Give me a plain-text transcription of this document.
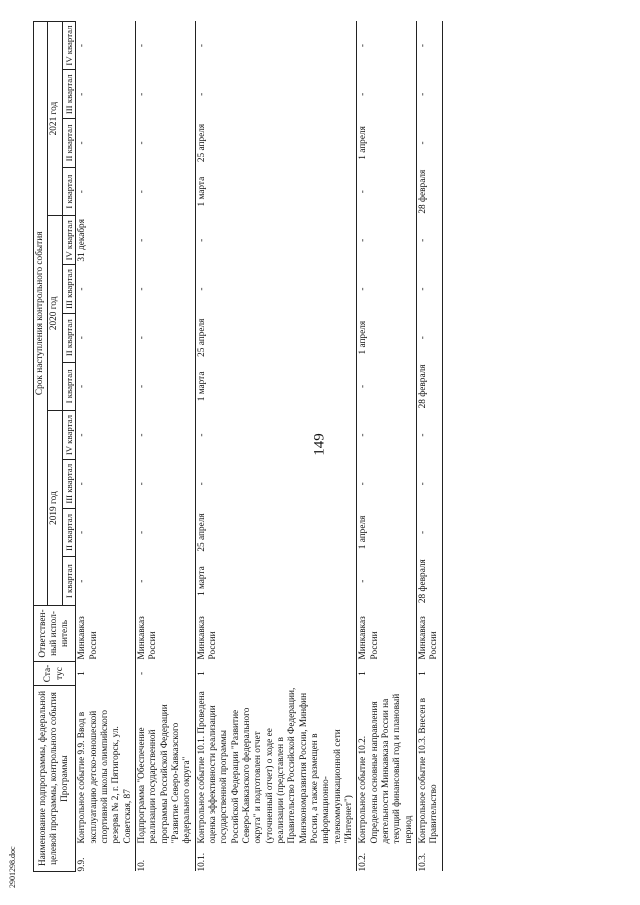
149
2901298.doc
Наименование подпрограммы, федеральной целевой программы, контрольного события Программы		Ста-тус	Ответствен-ный испол-нитель	Срок наступления контрольного события											
				2019 год				2020 год				2021 год			
				I квартал	II квартал	III квартал	IV квартал	I квартал	II квартал	III квартал	IV квартал	I квартал	II квартал	III квартал	IV квартал
9.9.	Контрольное событие 9.9. Ввод в эксплуатацию детско-юношеской спортивной школы олимпийского резерва № 2, г. Пятигорск, ул. Советская, 87	1	Минкавказ России	-	-	-	-	-	-	-	31 декабря	-	-	-	-
10.	Подпрограмма "Обеспечение реализации государственной программы Российской Федерации "Развитие Северо-Кавказского федерального округа"	-	Минкавказ России	-	-	-	-	-	-	-	-	-	-	-	-
10.1.	Контрольное событие 10.1. Проведена оценка эффективности реализации государственной программы Российской Федерации "Развитие Северо-Кавказского федерального округа" и подготовлен отчет (уточненный отчет) о ходе ее реализации (представлен в Правительство Российской Федерации, Минэкономразвития России, Минфин России, а также размещен в информационно-телекоммуникационной сети "Интернет")	1	Минкавказ России	1 марта	25 апреля	-	-	1 марта	25 апреля	-	-	1 марта	25 апреля	-	-
10.2.	Контрольное событие 10.2. Определены основные направления деятельности Минкавказа России на текущий финансовый год и плановый период	1	Минкавказ России	-	1 апреля	-	-	-	1 апреля	-	-	-	1 апреля	-	-
10.3.	Контрольное событие 10.3. Внесен в Правительство	1	Минкавказ России	28 февраля	-	-	-	28 февраля	-	-	-	28 февраля	-	-	-
